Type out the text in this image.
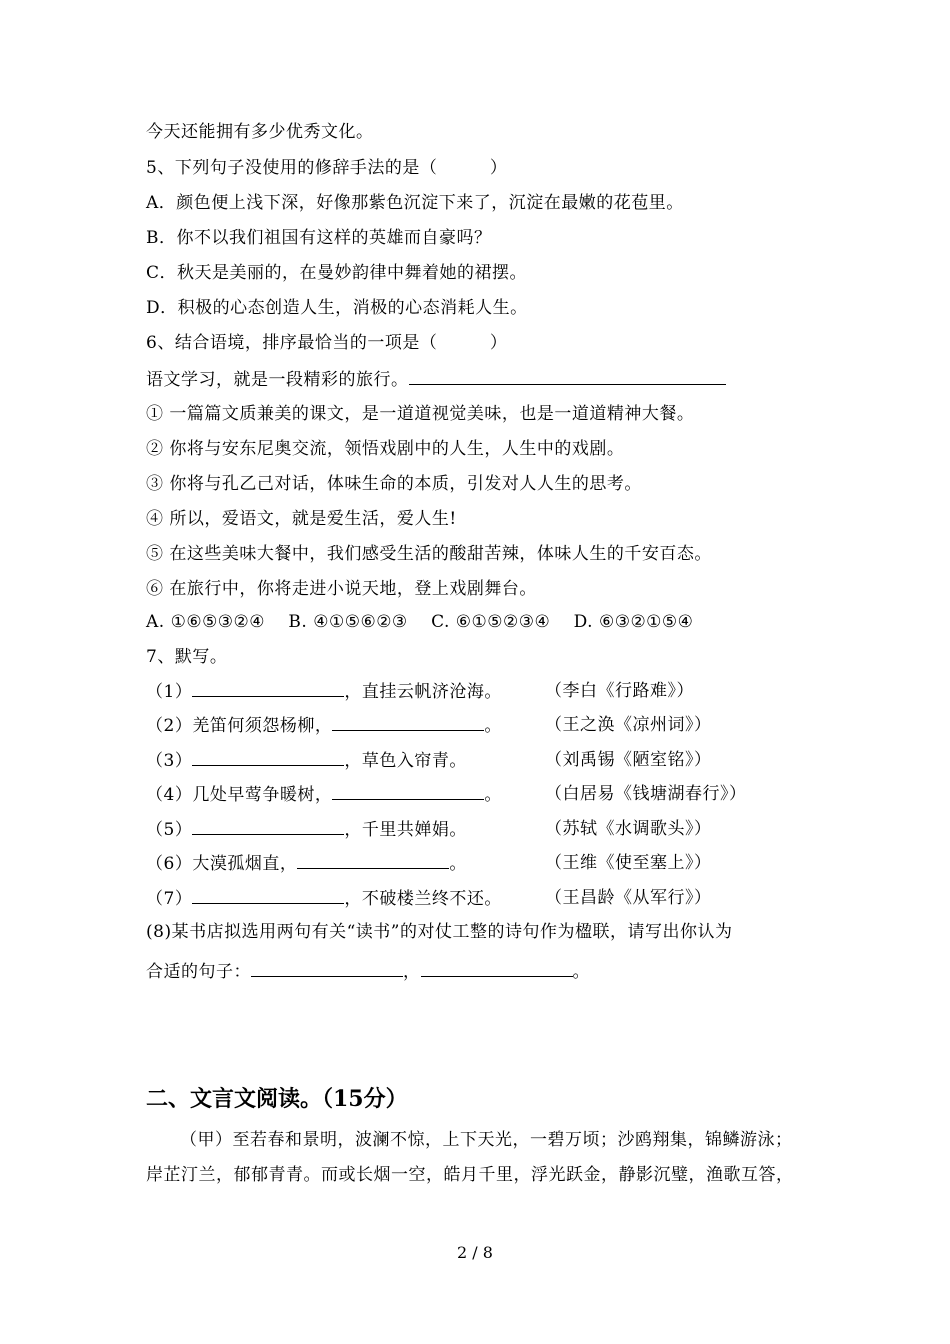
今天还能拥有多少优秀文化。
5、下列句子没使用的修辞手法的是（　　　）
A．颜色便上浅下深，好像那紫色沉淀下来了，沉淀在最嫩的花苞里。
B．你不以我们祖国有这样的英雄而自豪吗？
C．秋天是美丽的，在曼妙韵律中舞着她的裙摆。
D．积极的心态创造人生，消极的心态消耗人生。
6、结合语境，排序最恰当的一项是（　　　）
语文学习，就是一段精彩的旅行。
① 一篇篇文质兼美的课文，是一道道视觉美味，也是一道道精神大餐。
② 你将与安东尼奥交流，领悟戏剧中的人生，人生中的戏剧。
③ 你将与孔乙己对话，体味生命的本质，引发对人人生的思考。
④ 所以，爱语文，就是爱生活，爱人生!
⑤ 在这些美味大餐中，我们感受生活的酸甜苦辣，体味人生的千安百态。
⑥ 在旅行中，你将走进小说天地，登上戏剧舞台。
A. ①⑥⑤③②④　 B. ④①⑤⑥②③　 C. ⑥①⑤②③④　 D. ⑥③②①⑤④
7、默写。
（1）	，直挂云帆济沧海。	（李白《行路难》）
（2）羌笛何须怨杨柳，	。	（王之涣《凉州词》）
（3）	，草色入帘青。	（刘禹锡《陋室铭》）
（4）几处早莺争暖树，	。	（白居易《钱塘湖春行》）
（5）	，千里共婵娟。	（苏轼《水调歌头》）
（6）大漠孤烟直，	。	（王维《使至塞上》）
（7）	，不破楼兰终不还。	（王昌龄《从军行》）
(8)某书店拟选用两句有关“读书”的对仗工整的诗句作为楹联，请写出你认为
合适的句子：	，	。
二、文言文阅读。（15分）
（甲）至若春和景明，波澜不惊，上下天光，一碧万顷；沙鸥翔集，锦鳞游泳；
岸芷汀兰，郁郁青青。而或长烟一空，皓月千里，浮光跃金，静影沉璧，渔歌互答，
2 / 8
